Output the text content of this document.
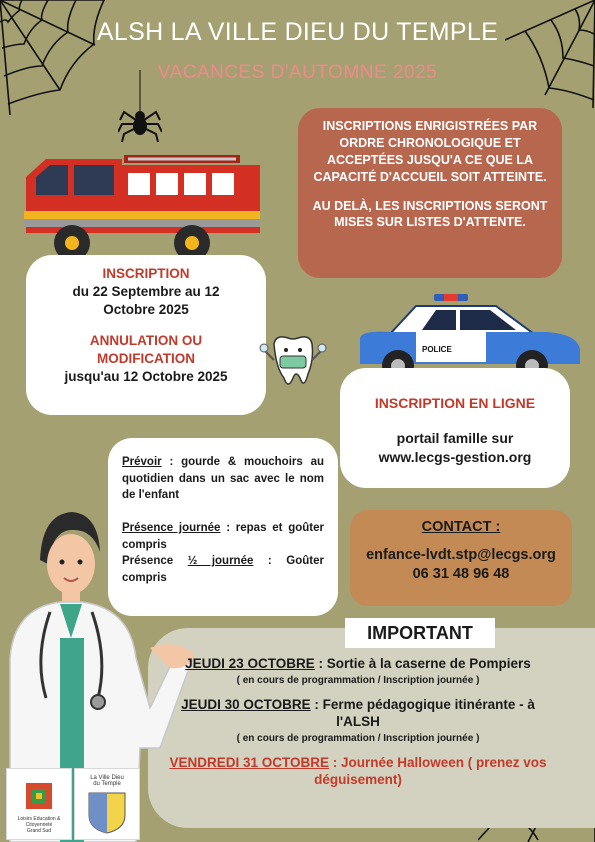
ALSH LA VILLE DIEU DU TEMPLE
VACANCES D'AUTOMNE 2025

INSCRIPTIONS ENRIGISTRÉES PAR ORDRE CHRONOLOGIQUE ET ACCEPTÉES JUSQU'A CE QUE LA CAPACITÉ D'ACCUEIL SOIT ATTEINTE.

AU DELÀ, LES INSCRIPTIONS SERONT MISES SUR LISTES D'ATTENTE.

INSCRIPTION
du 22 Septembre au 12 Octobre 2025
ANNULATION OU MODIFICATION
jusqu'au 12 Octobre 2025
POLICE
INSCRIPTION EN LIGNE
portail famille sur
www.lecgs-gestion.org

Prévoir : gourde & mouchoirs au quotidien dans un sac avec le nom de l'enfant

Présence journée : repas et goûter compris

Présence ½ journée : Goûter compris

CONTACT :
enfance-lvdt.stp@lecgs.org
06 31 48 96 48
IMPORTANT
JEUDI 23 OCTOBRE : Sortie à la caserne de Pompiers
( en cours de programmation / Inscription journée )
JEUDI 30 OCTOBRE : Ferme pédagogique itinérante - à l'ALSH
( en cours de programmation / Inscription journée )
VENDREDI 31 OCTOBRE : Journée Halloween ( prenez vos déguisement)
Loisirs Education & Citoyenneté
Grand Sud
La Ville Dieu
du Temple
